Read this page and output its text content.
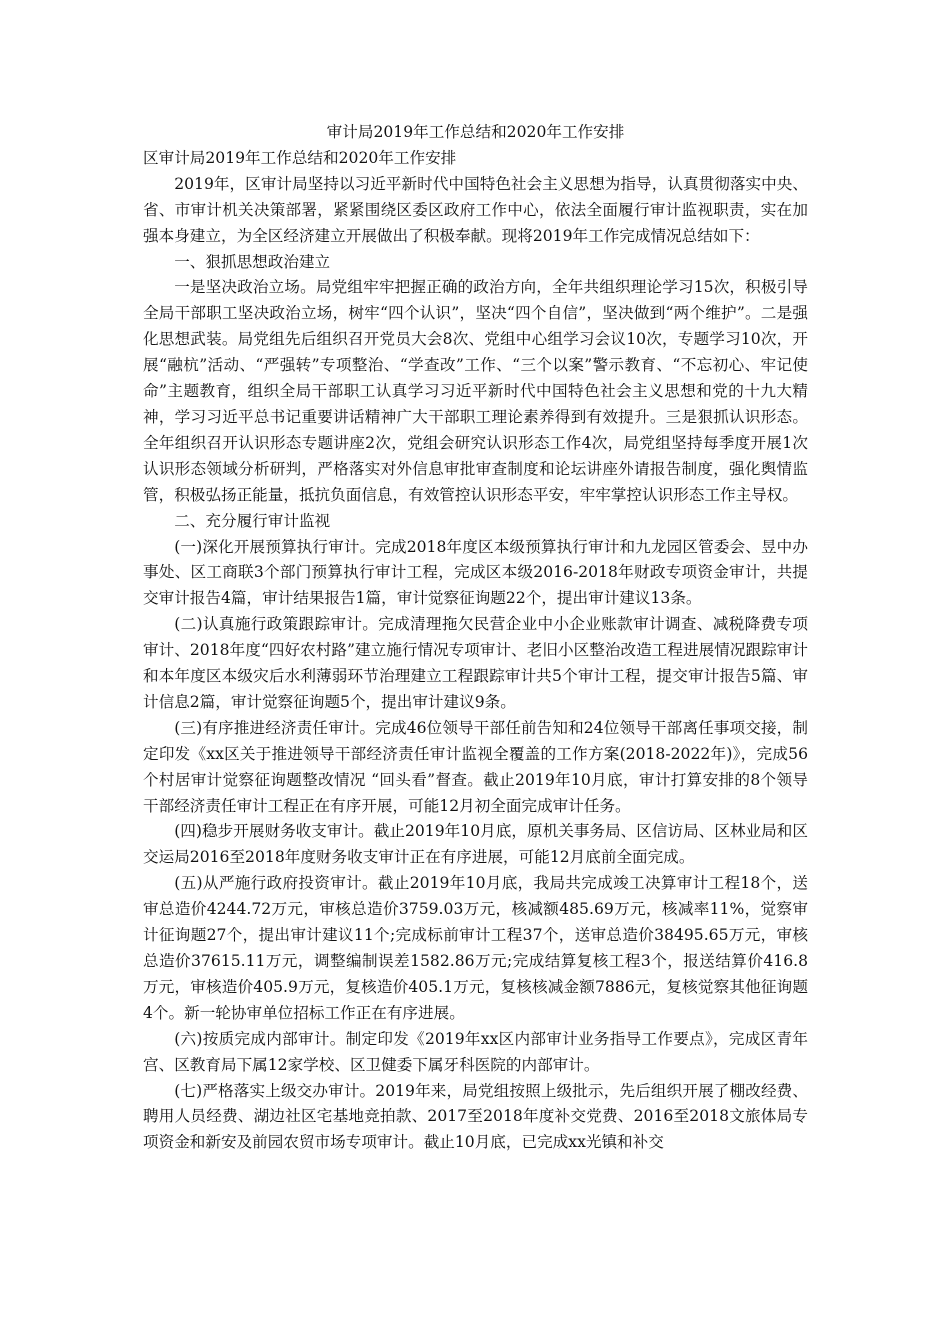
审计局2019年工作总结和2020年工作安排

区审计局2019年工作总结和2020年工作安排

2019年，区审计局坚持以习近平新时代中国特色社会主义思想为指导，认真贯彻落实中央、省、市审计机关决策部署，紧紧围绕区委区政府工作中心，依法全面履行审计监视职责，实在加强本身建立，为全区经济建立开展做出了积极奉献。现将2019年工作完成情况总结如下：

一、狠抓思想政治建立

一是坚决政治立场。局党组牢牢把握正确的政治方向，全年共组织理论学习15次，积极引导全局干部职工坚决政治立场，树牢“四个认识”，坚决“四个自信”，坚决做到“两个维护”。二是强化思想武装。局党组先后组织召开党员大会8次、党组中心组学习会议10次，专题学习10次，开展“融杭”活动、“严强转”专项整治、“学查改”工作、“三个以案”警示教育、“不忘初心、牢记使命”主题教育，组织全局干部职工认真学习习近平新时代中国特色社会主义思想和党的十九大精神，学习习近平总书记重要讲话精神广大干部职工理论素养得到有效提升。三是狠抓认识形态。全年组织召开认识形态专题讲座2次，党组会研究认识形态工作4次，局党组坚持每季度开展1次认识形态领域分析研判，严格落实对外信息审批审查制度和论坛讲座外请报告制度，强化舆情监管，积极弘扬正能量，抵抗负面信息，有效管控认识形态平安，牢牢掌控认识形态工作主导权。

二、充分履行审计监视

(一)深化开展预算执行审计。完成2018年度区本级预算执行审计和九龙园区管委会、昱中办事处、区工商联3个部门预算执行审计工程，完成区本级2016-2018年财政专项资金审计，共提交审计报告4篇，审计结果报告1篇，审计觉察征询题22个，提出审计建议13条。

(二)认真施行政策跟踪审计。完成清理拖欠民营企业中小企业账款审计调查、减税降费专项审计、2018年度“四好农村路”建立施行情况专项审计、老旧小区整治改造工程进展情况跟踪审计和本年度区本级灾后水利薄弱环节治理建立工程跟踪审计共5个审计工程，提交审计报告5篇、审计信息2篇，审计觉察征询题5个，提出审计建议9条。

(三)有序推进经济责任审计。完成46位领导干部任前告知和24位领导干部离任事项交接，制定印发《xx区关于推进领导干部经济责任审计监视全覆盖的工作方案(2018-2022年)》，完成56个村居审计觉察征询题整改情况 “回头看”督查。截止2019年10月底，审计打算安排的8个领导干部经济责任审计工程正在有序开展，可能12月初全面完成审计任务。

(四)稳步开展财务收支审计。截止2019年10月底，原机关事务局、区信访局、区林业局和区交运局2016至2018年度财务收支审计正在有序进展，可能12月底前全面完成。

(五)从严施行政府投资审计。截止2019年10月底，我局共完成竣工决算审计工程18个，送审总造价4244.72万元，审核总造价3759.03万元，核减额485.69万元，核减率11%，觉察审计征询题27个，提出审计建议11个;完成标前审计工程37个，送审总造价38495.65万元，审核总造价37615.11万元，调整编制误差1582.86万元;完成结算复核工程3个，报送结算价416.8万元，审核造价405.9万元，复核造价405.1万元，复核核减金额7886元，复核觉察其他征询题4个。新一轮协审单位招标工作正在有序进展。

(六)按质完成内部审计。制定印发《2019年xx区内部审计业务指导工作要点》，完成区青年宫、区教育局下属12家学校、区卫健委下属牙科医院的内部审计。

(七)严格落实上级交办审计。2019年来，局党组按照上级批示，先后组织开展了棚改经费、聘用人员经费、湖边社区宅基地竞拍款、2017至2018年度补交党费、2016至2018文旅体局专项资金和新安及前园农贸市场专项审计。截止10月底，已完成xx光镇和补交
